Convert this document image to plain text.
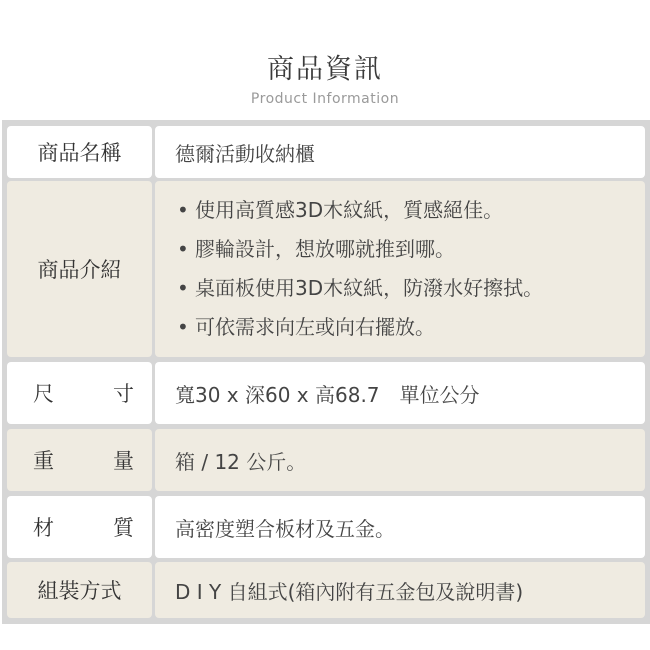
商品資訊
Product Information
商品名稱	德爾活動收納櫃
商品介紹
• 使用高質感3D木紋紙，質感絕佳。
• 膠輪設計，想放哪就推到哪。
• 桌面板使用3D木紋紙，防潑水好擦拭。
• 可依需求向左或向右擺放。
尺	寸	寬30 x 深60 x 高68.7　單位公分
重	量	箱 / 12 公斤。
材	質	高密度塑合板材及五金。
組裝方式	D I Y 自組式(箱內附有五金包及說明書)
